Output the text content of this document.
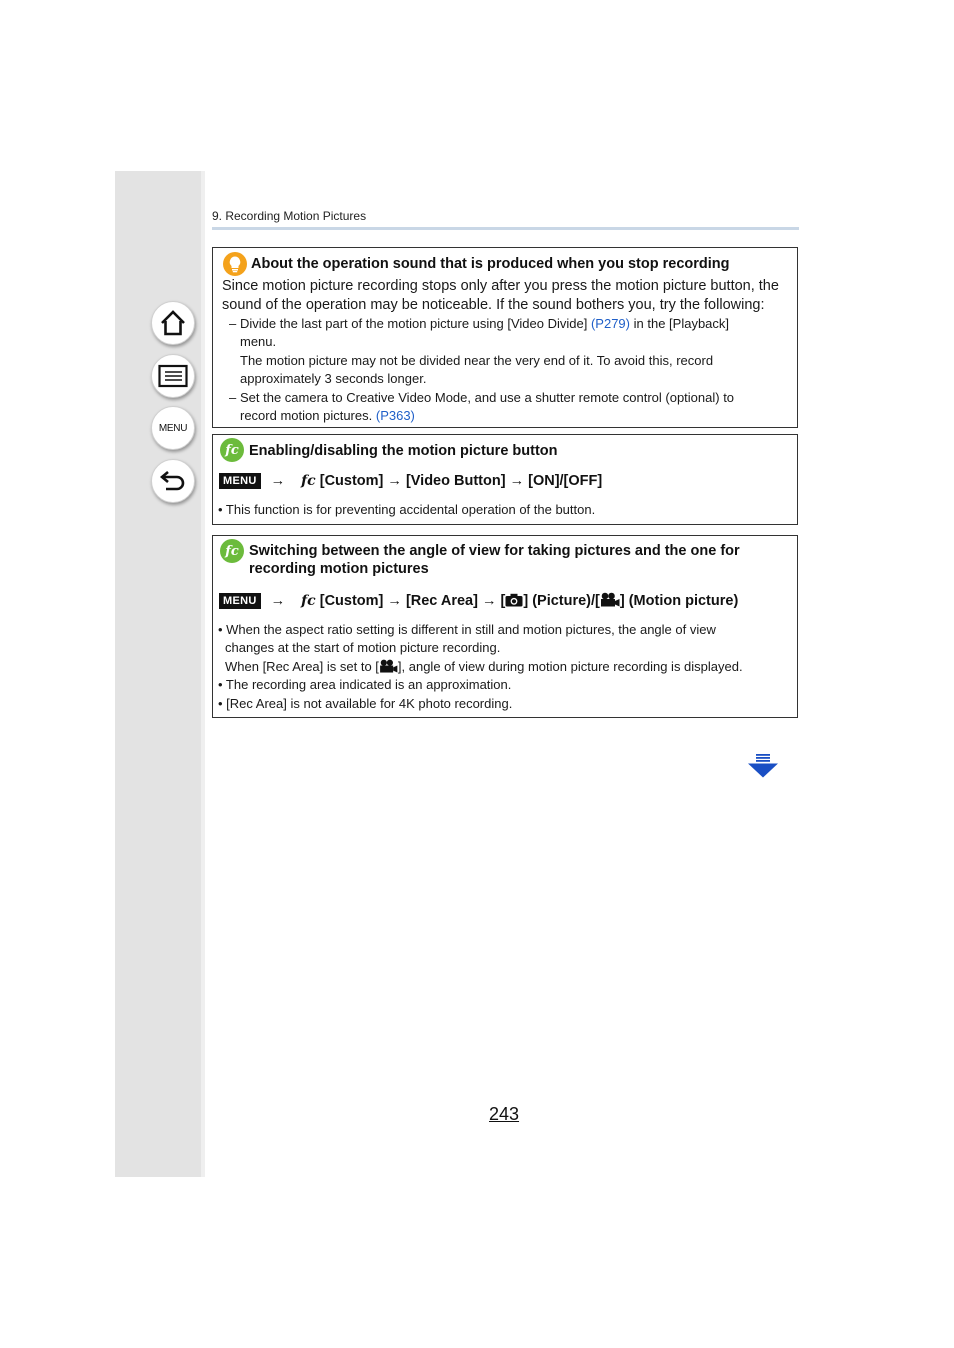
MENU
9. Recording Motion Pictures
About the operation sound that is produced when you stop recording
Since motion picture recording stops only after you press the motion picture button, the
sound of the operation may be noticeable. If the sound bothers you, try the following:
– Divide the last part of the motion picture using [Video Divide] (P279) in the [Playback]
menu.
The motion picture may not be divided near the very end of it. To avoid this, record
approximately 3 seconds longer.
– Set the camera to Creative Video Mode, and use a shutter remote control (optional) to
record motion pictures. (P363)
fc Enabling/disabling the motion picture button
MENU → fc [Custom] → [Video Button] → [ON]/[OFF]
• This function is for preventing accidental operation of the button.
fc Switching between the angle of view for taking pictures and the one for
recording motion pictures
MENU → fc [Custom] → [Rec Area] → [ ] (Picture)/[ ] (Motion picture)
• When the aspect ratio setting is different in still and motion pictures, the angle of view
changes at the start of motion picture recording.
When [Rec Area] is set to [ ], angle of view during motion picture recording is displayed.
• The recording area indicated is an approximation.
• [Rec Area] is not available for 4K photo recording.
243
